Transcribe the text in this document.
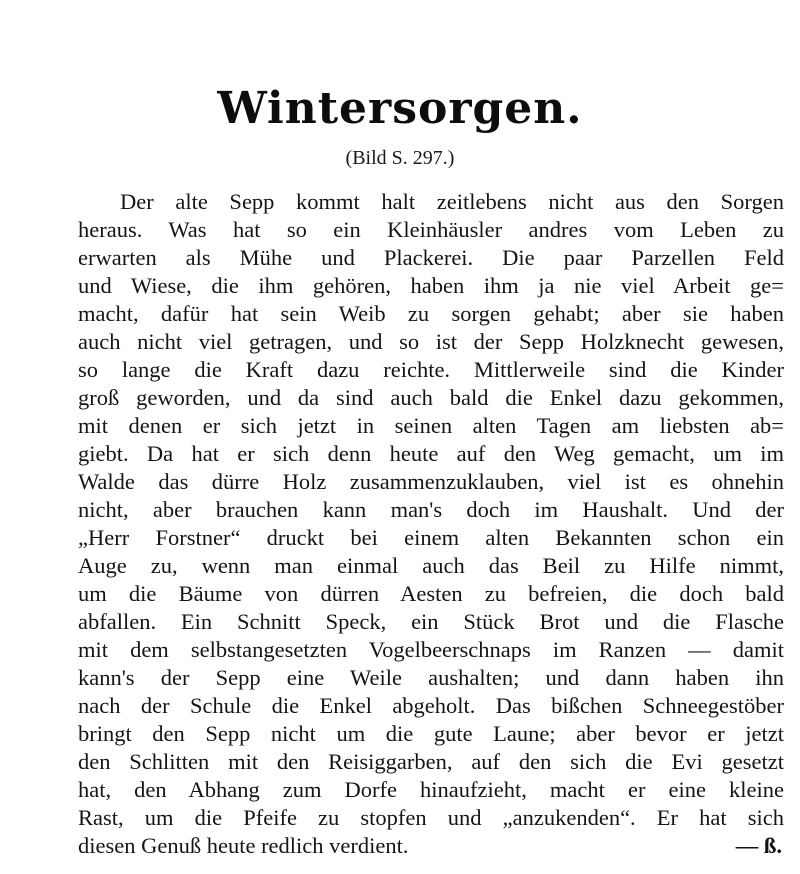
Wintersorgen.
(Bild S. 297.)
Der alte Sepp kommt halt zeitlebens nicht aus den Sorgen
heraus. Was hat so ein Kleinhäusler andres vom Leben zu
erwarten als Mühe und Plackerei. Die paar Parzellen Feld
und Wiese, die ihm gehören, haben ihm ja nie viel Arbeit ge=
macht, dafür hat sein Weib zu sorgen gehabt; aber sie haben
auch nicht viel getragen, und so ist der Sepp Holzknecht gewesen,
so lange die Kraft dazu reichte. Mittlerweile sind die Kinder
groß geworden, und da sind auch bald die Enkel dazu gekommen,
mit denen er sich jetzt in seinen alten Tagen am liebsten ab=
giebt. Da hat er sich denn heute auf den Weg gemacht, um im
Walde das dürre Holz zusammenzuklauben, viel ist es ohnehin
nicht, aber brauchen kann man's doch im Haushalt. Und der
„Herr Forstner“ druckt bei einem alten Bekannten schon ein
Auge zu, wenn man einmal auch das Beil zu Hilfe nimmt,
um die Bäume von dürren Aesten zu befreien, die doch bald
abfallen. Ein Schnitt Speck, ein Stück Brot und die Flasche
mit dem selbstangesetzten Vogelbeerschnaps im Ranzen — damit
kann's der Sepp eine Weile aushalten; und dann haben ihn
nach der Schule die Enkel abgeholt. Das bißchen Schneegestöber
bringt den Sepp nicht um die gute Laune; aber bevor er jetzt
den Schlitten mit den Reisiggarben, auf den sich die Evi gesetzt
hat, den Abhang zum Dorfe hinaufzieht, macht er eine kleine
Rast, um die Pfeife zu stopfen und „anzukenden“. Er hat sich
diesen Genuß heute redlich verdient.	— ß.
